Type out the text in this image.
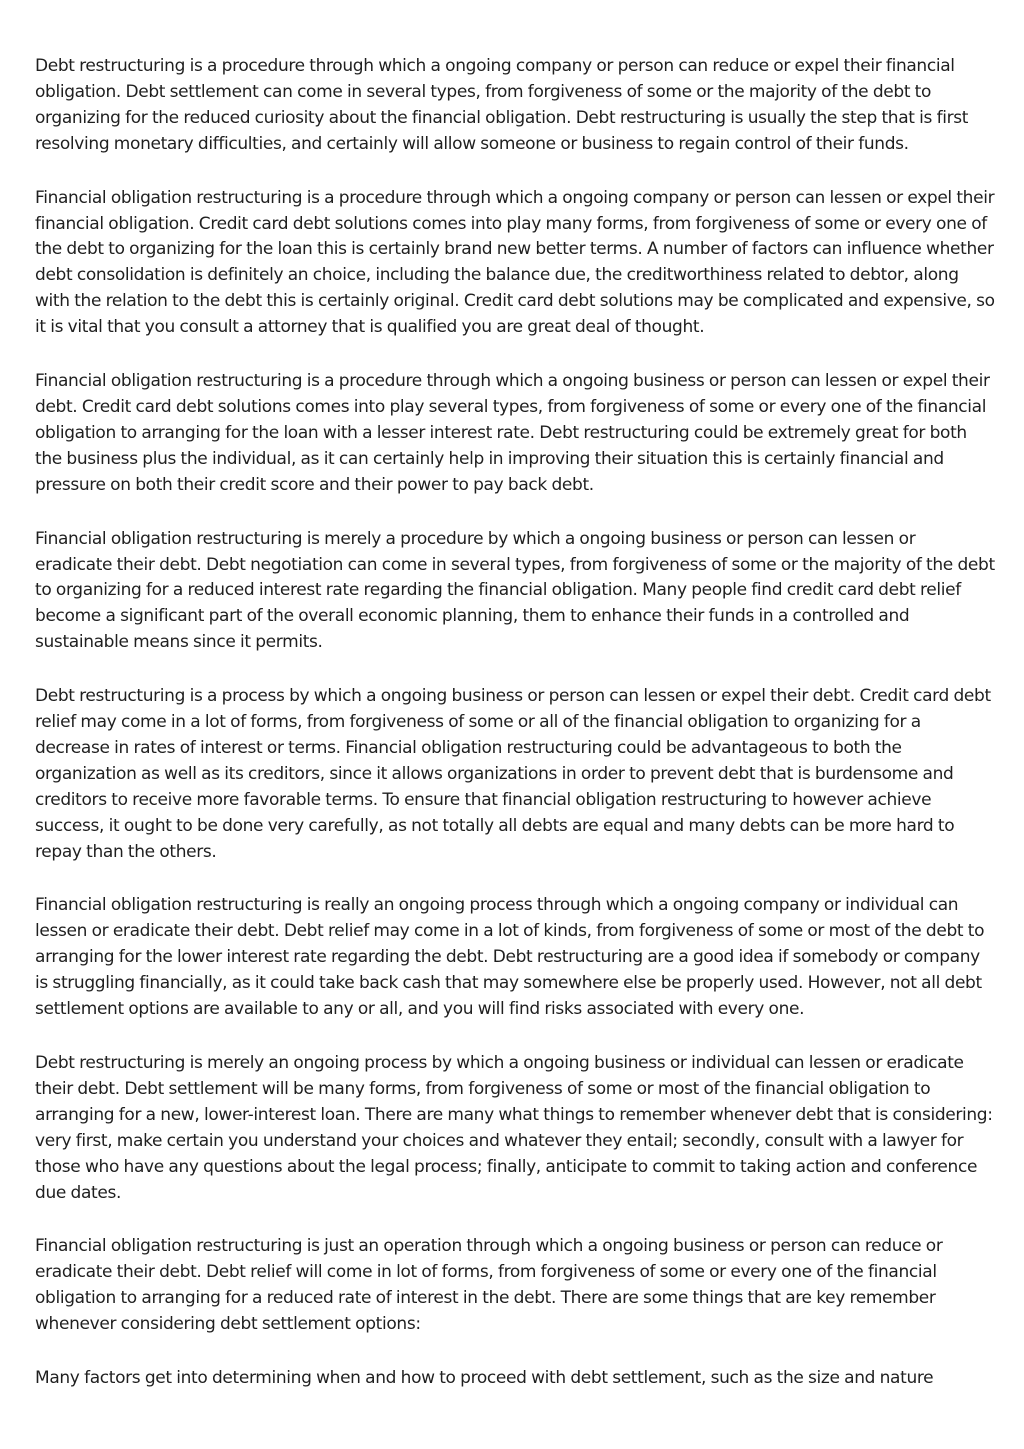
Debt restructuring is a procedure through which a ongoing company or person can reduce or expel their financial obligation. Debt settlement can come in several types, from forgiveness of some or the majority of the debt to organizing for the reduced curiosity about the financial obligation. Debt restructuring is usually the step that is first resolving monetary difficulties, and certainly will allow someone or business to regain control of their funds.

Financial obligation restructuring is a procedure through which a ongoing company or person can lessen or expel their financial obligation. Credit card debt solutions comes into play many forms, from forgiveness of some or every one of the debt to organizing for the loan this is certainly brand new better terms. A number of factors can influence whether debt consolidation is definitely an choice, including the balance due, the creditworthiness related to debtor, along with the relation to the debt this is certainly original. Credit card debt solutions may be complicated and expensive, so it is vital that you consult a attorney that is qualified you are great deal of thought.

Financial obligation restructuring is a procedure through which a ongoing business or person can lessen or expel their debt. Credit card debt solutions comes into play several types, from forgiveness of some or every one of the financial obligation to arranging for the loan with a lesser interest rate. Debt restructuring could be extremely great for both the business plus the individual, as it can certainly help in improving their situation this is certainly financial and pressure on both their credit score and their power to pay back debt.

Financial obligation restructuring is merely a procedure by which a ongoing business or person can lessen or eradicate their debt. Debt negotiation can come in several types, from forgiveness of some or the majority of the debt to organizing for a reduced interest rate regarding the financial obligation. Many people find credit card debt relief become a significant part of the overall economic planning, them to enhance their funds in a controlled and sustainable means since it permits.

Debt restructuring is a process by which a ongoing business or person can lessen or expel their debt. Credit card debt relief may come in a lot of forms, from forgiveness of some or all of the financial obligation to organizing for a decrease in rates of interest or terms. Financial obligation restructuring could be advantageous to both the organization as well as its creditors, since it allows organizations in order to prevent debt that is burdensome and creditors to receive more favorable terms. To ensure that financial obligation restructuring to however achieve success, it ought to be done very carefully, as not totally all debts are equal and many debts can be more hard to repay than the others.

Financial obligation restructuring is really an ongoing process through which a ongoing company or individual can lessen or eradicate their debt. Debt relief may come in a lot of kinds, from forgiveness of some or most of the debt to arranging for the lower interest rate regarding the debt. Debt restructuring are a good idea if somebody or company is struggling financially, as it could take back cash that may somewhere else be properly used. However, not all debt settlement options are available to any or all, and you will find risks associated with every one.

Debt restructuring is merely an ongoing process by which a ongoing business or individual can lessen or eradicate their debt. Debt settlement will be many forms, from forgiveness of some or most of the financial obligation to arranging for a new, lower-interest loan. There are many what things to remember whenever debt that is considering: very first, make certain you understand your choices and whatever they entail; secondly, consult with a lawyer for those who have any questions about the legal process; finally, anticipate to commit to taking action and conference due dates.

Financial obligation restructuring is just an operation through which a ongoing business or person can reduce or eradicate their debt. Debt relief will come in lot of forms, from forgiveness of some or every one of the financial obligation to arranging for a reduced rate of interest in the debt. There are some things that are key remember whenever considering debt settlement options:

Many factors get into determining when and how to proceed with debt settlement, such as the size and nature
